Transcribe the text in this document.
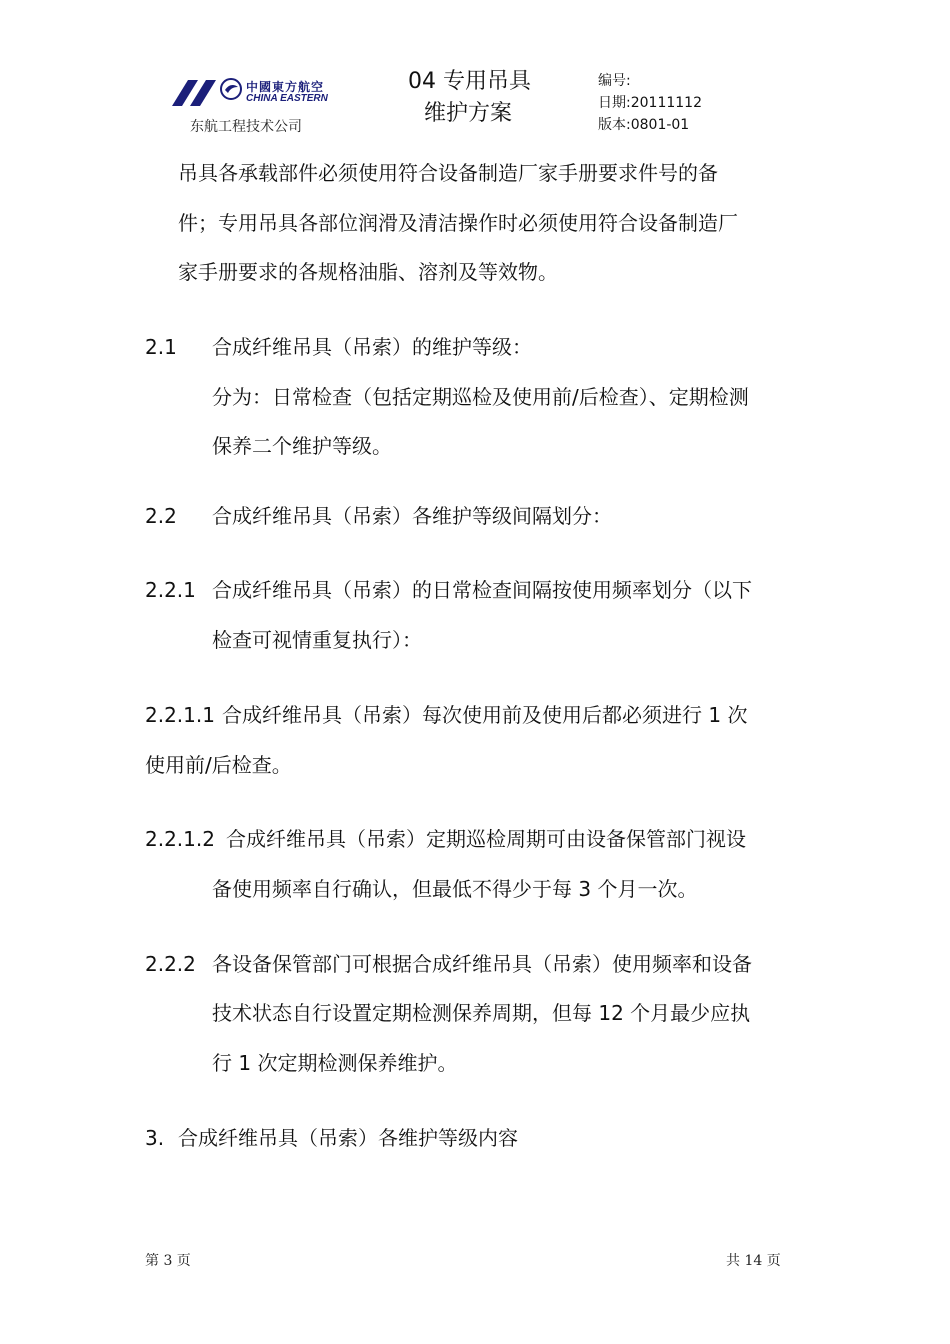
中國東方航空
CHINA EASTERN
东航工程技术公司
04 专用吊具
维护方案
编号:
日期:20111112
版本:0801-01
吊具各承载部件必须使用符合设备制造厂家手册要求件号的备
件；专用吊具各部位润滑及清洁操作时必须使用符合设备制造厂
家手册要求的各规格油脂、溶剂及等效物。
2.1 合成纤维吊具（吊索）的维护等级：
分为：日常检查（包括定期巡检及使用前/后检查）、定期检测
保养二个维护等级。
2.2 合成纤维吊具（吊索）各维护等级间隔划分：
2.2.1 合成纤维吊具（吊索）的日常检查间隔按使用频率划分（以下
检查可视情重复执行）：
2.2.1.1 合成纤维吊具（吊索）每次使用前及使用后都必须进行 1 次
使用前/后检查。
2.2.1.2 合成纤维吊具（吊索）定期巡检周期可由设备保管部门视设
备使用频率自行确认，但最低不得少于每 3 个月一次。
2.2.2 各设备保管部门可根据合成纤维吊具（吊索）使用频率和设备
技术状态自行设置定期检测保养周期，但每 12 个月最少应执
行 1 次定期检测保养维护。
3. 合成纤维吊具（吊索）各维护等级内容
第 3 页	共 14 页
